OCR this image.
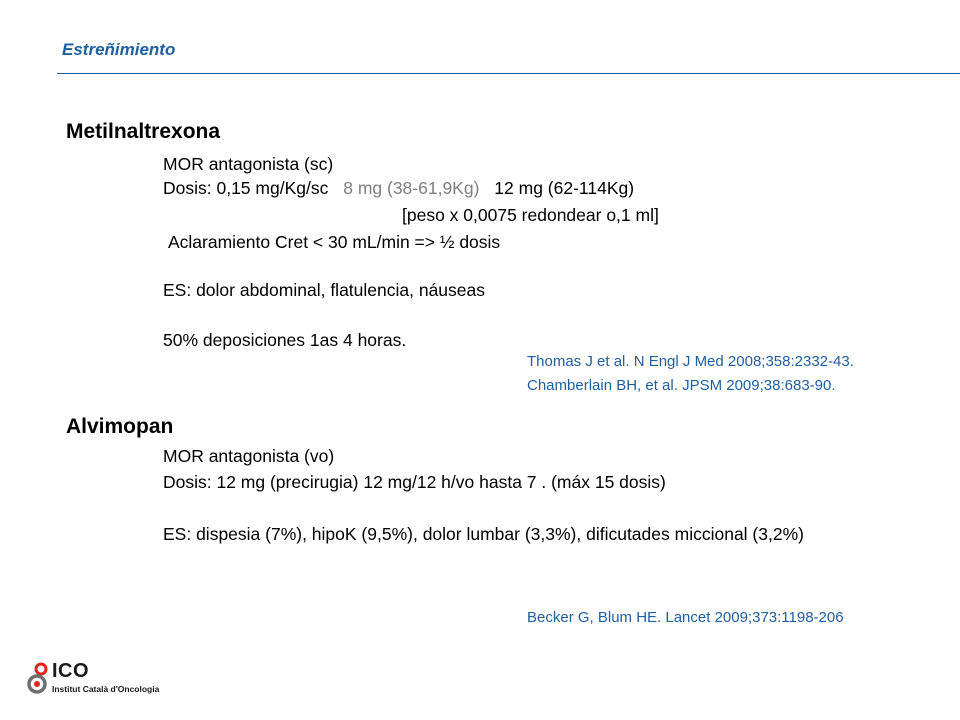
Estreñimiento
Metilnaltrexona
MOR antagonista (sc)
Dosis: 0,15 mg/Kg/sc 8 mg (38-61,9Kg) 12 mg (62-114Kg)
[peso x 0,0075 redondear o,1 ml]
Aclaramiento Cret < 30 mL/min => ½ dosis
ES: dolor abdominal, flatulencia, náuseas
50% deposiciones 1as 4 horas.
Thomas J et al. N Engl J Med 2008;358:2332-43.
Chamberlain BH, et al. JPSM 2009;38:683-90.
Alvimopan
MOR antagonista (vo)
Dosis: 12 mg (precirugia) 12 mg/12 h/vo hasta 7 . (máx 15 dosis)
ES: dispesia (7%), hipoK (9,5%), dolor lumbar (3,3%), dificutades miccional (3,2%)
Becker G, Blum HE. Lancet 2009;373:1198-206
ICO
Institut Català d'Oncologia
